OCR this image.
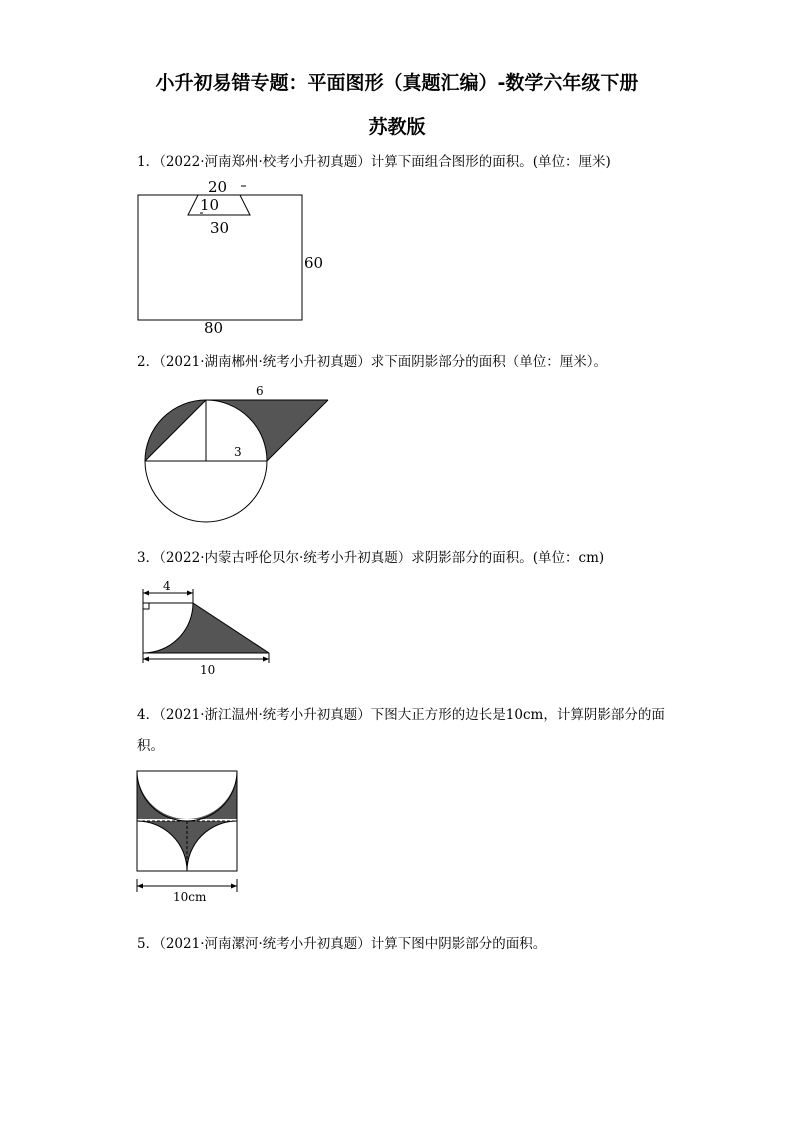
小升初易错专题：平面图形（真题汇编）-数学六年级下册
苏教版
1．（2022·河南郑州·校考小升初真题）计算下面组合图形的面积。(单位：厘米)
20
10
30
60
80
2．（2021·湖南郴州·统考小升初真题）求下面阴影部分的面积（单位：厘米）。
6
3
3．（2022·内蒙古呼伦贝尔·统考小升初真题）求阴影部分的面积。(单位：cm)
4
10
4．（2021·浙江温州·统考小升初真题）下图大正方形的边长是10cm，计算阴影部分的面
积。
10cm
5．（2021·河南漯河·统考小升初真题）计算下图中阴影部分的面积。
